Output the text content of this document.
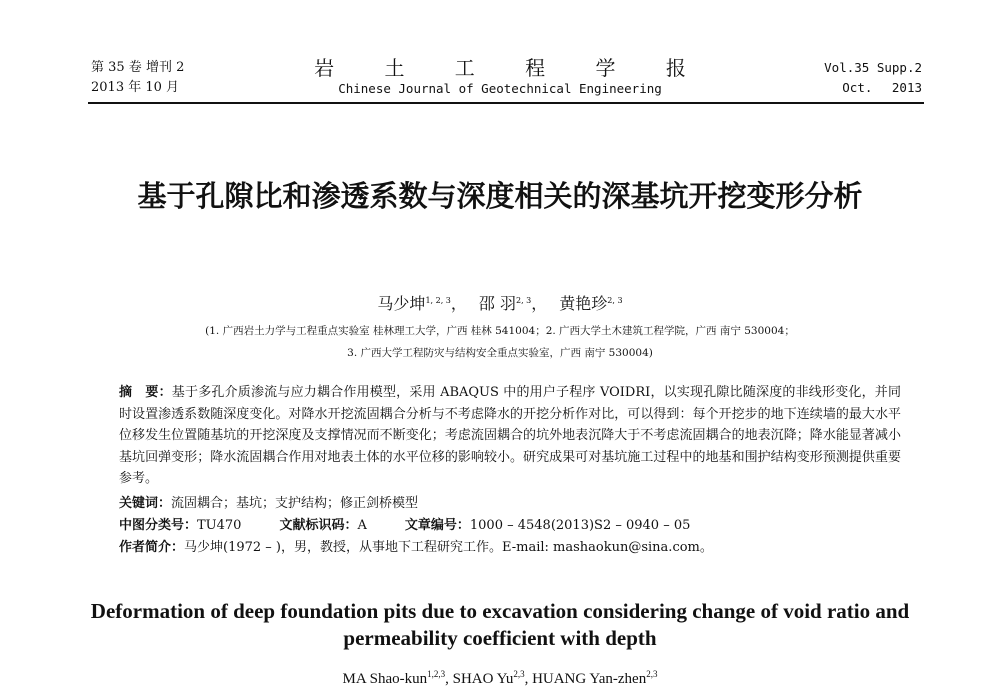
第 35 卷 增刊 2
2013 年 10 月
岩 土 工 程 学 报
Chinese Journal of Geotechnical Engineering
Vol.35 Supp.2
Oct. 2013
基于孔隙比和渗透系数与深度相关的深基坑开挖变形分析
马少坤$^{1, 2, 3}$， 邵 羽$^{2, 3}$， 黄艳珍$^{2, 3}$
(1. 广西岩土力学与工程重点实验室 桂林理工大学，广西 桂林 541004；2. 广西大学土木建筑工程学院，广西 南宁 530004；
3. 广西大学工程防灾与结构安全重点实验室，广西 南宁 530004)
摘　要：基于多孔介质渗流与应力耦合作用模型，采用 ABAQUS 中的用户子程序 VOIDRI，以实现孔隙比随深度的非线形变化，并同时设置渗透系数随深度变化。对降水开挖流固耦合分析与不考虑降水的开挖分析作对比，可以得到：每个开挖步的地下连续墙的最大水平位移发生位置随基坑的开挖深度及支撑情况而不断变化；考虑流固耦合的坑外地表沉降大于不考虑流固耦合的地表沉降；降水能显著减小基坑回弹变形；降水流固耦合作用对地表土体的水平位移的影响较小。研究成果可对基坑施工过程中的地基和围护结构变形预测提供重要参考。
关键词：流固耦合；基坑；支护结构；修正剑桥模型
中图分类号：TU470	文献标识码：A	文章编号：1000 – 4548(2013)S2 – 0940 – 05
作者简介：马少坤(1972 – )，男，教授，从事地下工程研究工作。E-mail: mashaokun@sina.com。
Deformation of deep foundation pits due to excavation considering change of void ratio and permeability coefficient with depth
MA Shao-kun$^{1,2,3}$, SHAO Yu$^{2,3}$, HUANG Yan-zhen$^{2,3}$
